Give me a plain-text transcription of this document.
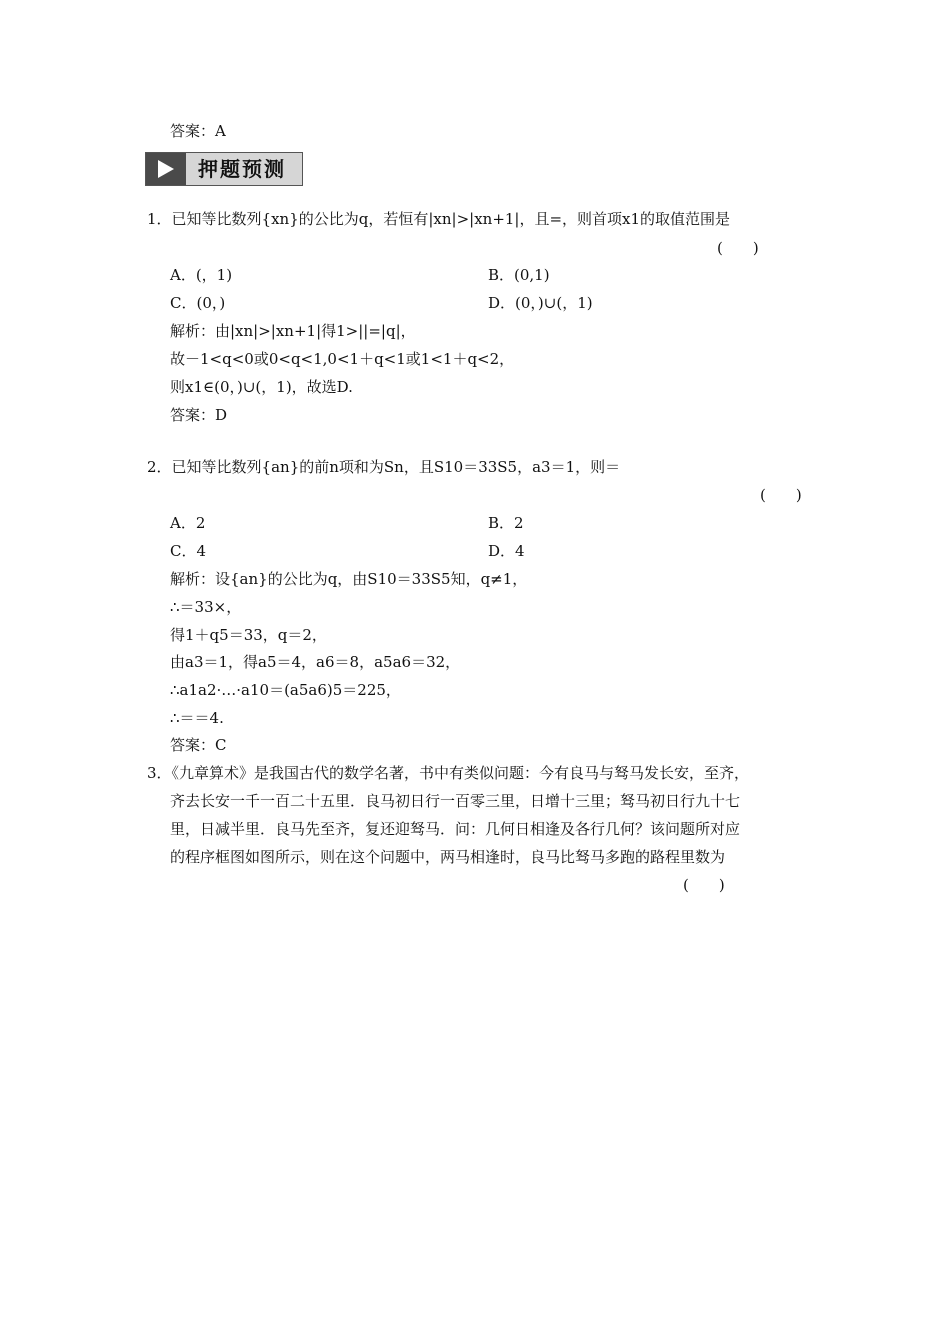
答案：A
押题预测
1．已知等比数列{xn}的公比为q，若恒有|xn|>|xn+1|，且=，则首项x1的取值范围是
(　　)
A．(，1)	B．(0,1)
C．(0，)	D．(0，)∪(，1)
解析：由|xn|>|xn+1|得1>||=|q|，
故－1<q<0或0<q<1,0<1＋q<1或1<1＋q<2，
则x1∈(0，)∪(，1)，故选D.
答案：D
2．已知等比数列{an}的前n项和为Sn，且S10＝33S5，a3＝1，则＝
(　　)
A．2	B．2
C．4	D．4
解析：设{an}的公比为q，由S10＝33S5知，q≠1，
∴＝33×，
得1＋q5＝33，q＝2，
由a3＝1，得a5＝4，a6＝8，a5a6＝32，
∴a1a2·…·a10＝(a5a6)5＝225，
∴＝＝4.
答案：C
3．《九章算术》是我国古代的数学名著，书中有类似问题：今有良马与驽马发长安，至齐，
齐去长安一千一百二十五里．良马初日行一百零三里，日增十三里；驽马初日行九十七
里，日减半里．良马先至齐，复还迎驽马．问：几何日相逢及各行几何？该问题所对应
的程序框图如图所示，则在这个问题中，两马相逢时，良马比驽马多跑的路程里数为
(　　)
